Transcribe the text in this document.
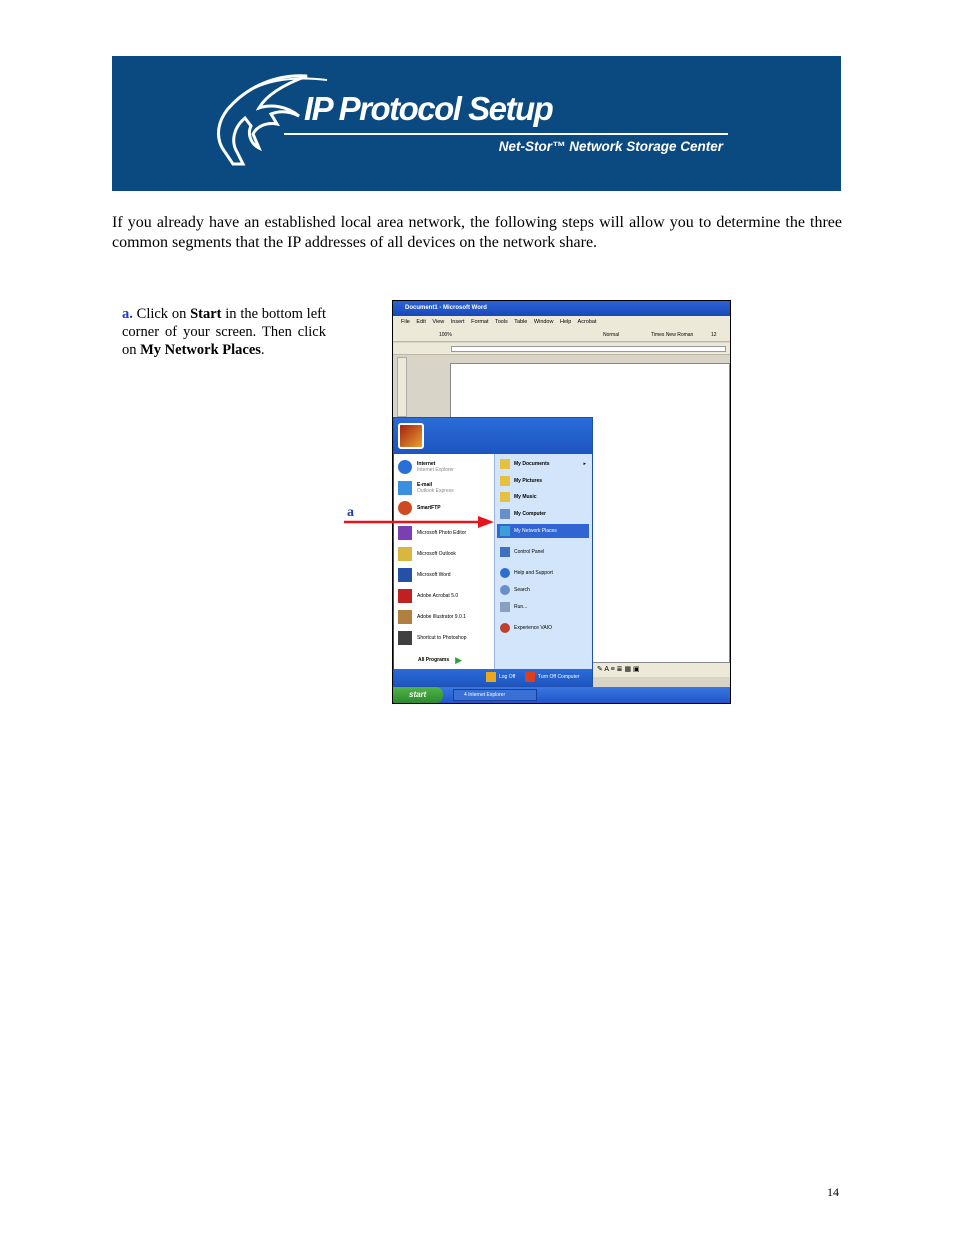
IP Protocol Setup
Net-Stor™ Network Storage Center
If you already have an established local area network, the following steps will allow you to determine the three common segments that the IP addresses of all devices on the network share.
a. Click on Start in the bottom left corner of your screen. Then click on My Network Places.
Document1 - Microsoft Word
File Edit View Insert Format Tools Table Window Help Acrobat
100%	Normal	Times New Roman	12
✎ A ≡ ≣ ▦ ▣
Internet
Internet Explorer
E-mail
Outlook Express
SmartFTP
Microsoft Photo Editor
Microsoft Outlook
Microsoft Word
Adobe Acrobat 5.0
Adobe Illustrator 9.0.1
Shortcut to Photoshop
All Programs ▶
My Documents	▸
My Pictures
My Music
My Computer
My Network Places
Control Panel
Help and Support
Search
Run...
Experience VAIO
Log Off	Turn Off Computer
start	4 Internet Explorer
a
14
